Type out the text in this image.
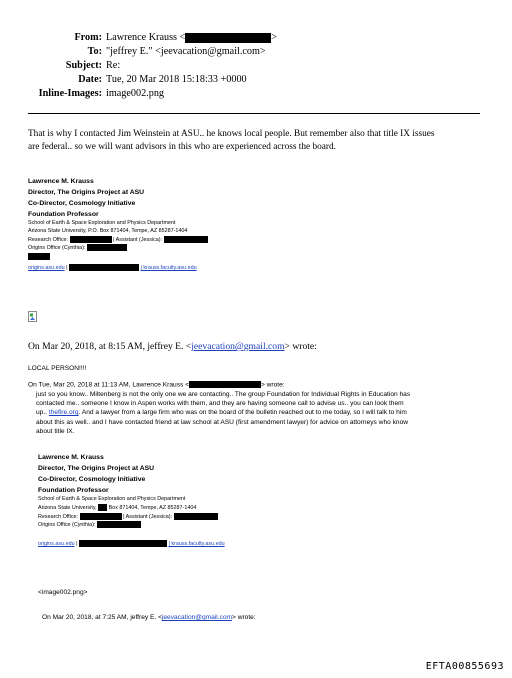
From: Lawrence Krauss <	>
To: "jeffrey E." <jeevacation@gmail.com>
Subject: Re:
Date: Tue, 20 Mar 2018 15:18:33 +0000
Inline-Images: image002.png
That is why I contacted Jim Weinstein at ASU.. he knows local people. But remember also that title IX issues
are federal.. so we will want advisors in this who are experienced across the board.
Lawrence M. Krauss
Director, The Origins Project at ASU
Co-Director, Cosmology Initiative
Foundation Professor
School of Earth & Space Exploration and Physics Department
Arizona State University, P.O. Box 871404, Tempe, AZ 85287-1404
Research Office:	| Assistant (Jessica):
Origins Office (Cynthia):
origins.asu.edu |	| krauss.faculty.asu.edu
On Mar 20, 2018, at 8:15 AM, jeffrey E. <jeevacation@gmail.com> wrote:
LOCAL PERSON!!!!
On Tue, Mar 20, 2018 at 11:13 AM, Lawrence Krauss <	> wrote:
just so you know.. Miltenberg is not the only one we are contacting.. The group Foundation for Individual Rights in Education has
contacted me.. someone I know in Aspen works with them, and they are having someone call to advise us.. you can look them
up.. thefire.org. And a lawyer from a large firm who was on the board of the bulletin reached out to me today, so I will talk to him
about this as well.. and I have contacted friend at law school at ASU (first amendment lawyer) for advice on attorneys who know
about title IX.
Lawrence M. Krauss
Director, The Origins Project at ASU
Co-Director, Cosmology Initiative
Foundation Professor
School of Earth & Space Exploration and Physics Department
Arizona State University, Box 871404, Tempe, AZ 85287-1404
Research Office:	| Assistant (Jessica):
Origins Office (Cynthia):
origins.asu.edu |	| krauss.faculty.asu.edu
<image002.png>
On Mar 20, 2018, at 7:25 AM, jeffrey E. <jeevacation@gmail.com> wrote:
EFTA00855693
